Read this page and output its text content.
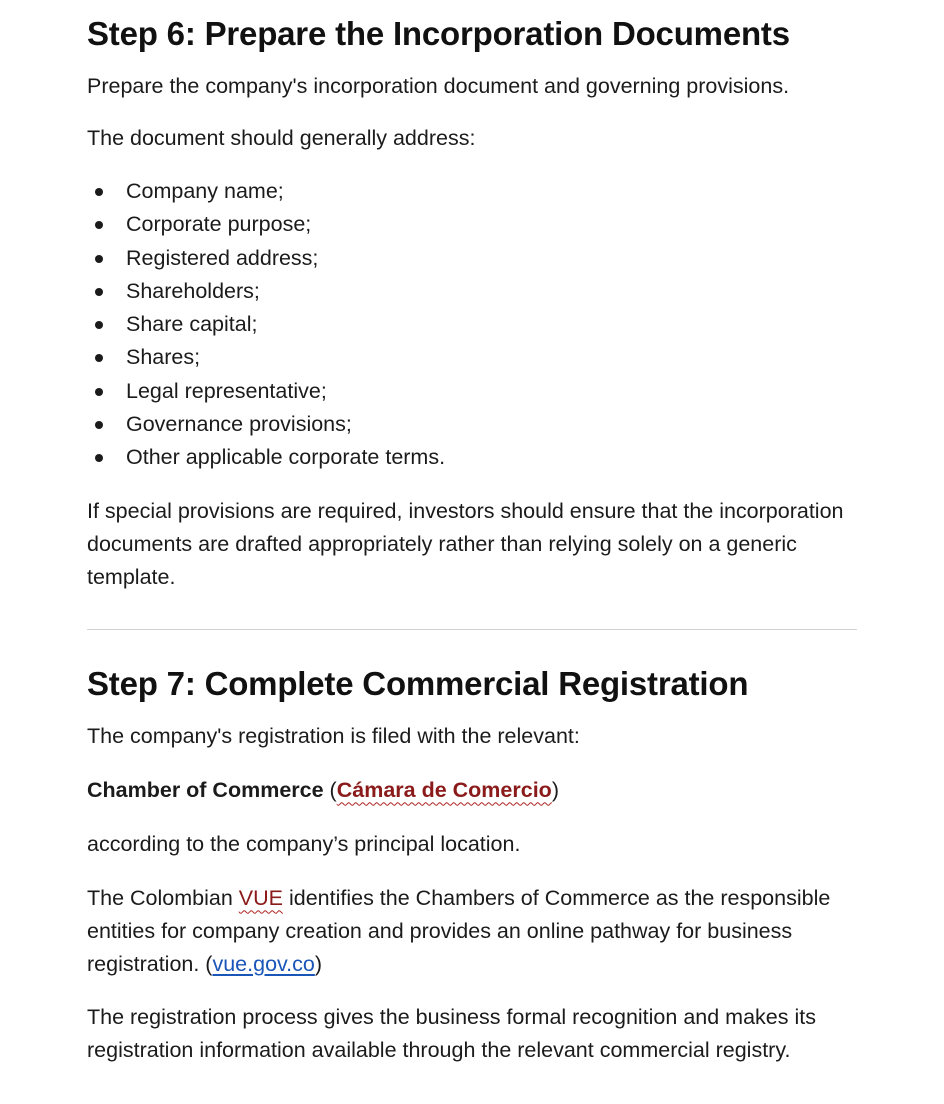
Step 6: Prepare the Incorporation Documents

Prepare the company's incorporation document and governing provisions.

The document should generally address:

Company name;
Corporate purpose;
Registered address;
Shareholders;
Share capital;
Shares;
Legal representative;
Governance provisions;
Other applicable corporate terms.

If special provisions are required, investors should ensure that the incorporation documents are drafted appropriately rather than relying solely on a generic template.

Step 7: Complete Commercial Registration

The company's registration is filed with the relevant:

Chamber of Commerce (Cámara de Comercio)

according to the company’s principal location.

The Colombian VUE identifies the Chambers of Commerce as the responsible entities for company creation and provides an online pathway for business registration. (vue.gov.co)

The registration process gives the business formal recognition and makes its registration information available through the relevant commercial registry.
